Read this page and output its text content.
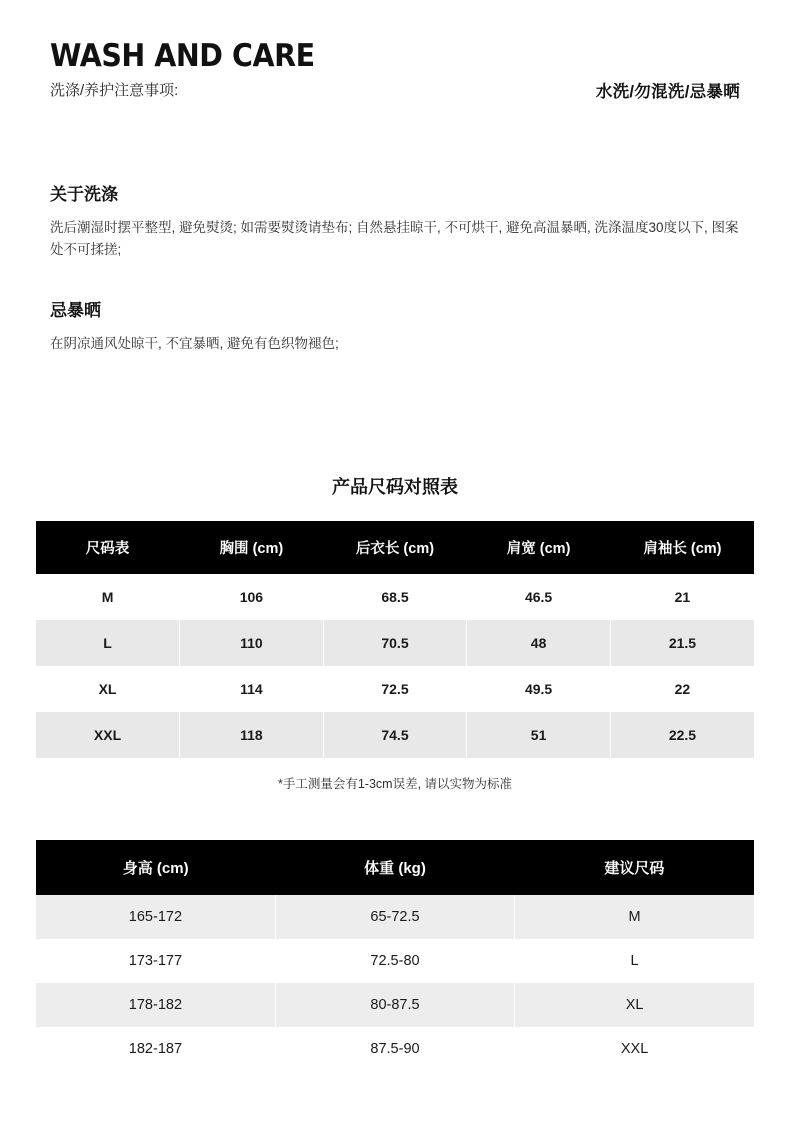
WASH AND CARE
洗涤/养护注意事项:	水洗/勿混洗/忌暴晒
关于洗涤
洗后潮湿时摆平整型, 避免熨烫; 如需要熨烫请垫布; 自然悬挂晾干, 不可烘干, 避免高温暴晒, 洗涤温度30度以下, 图案处不可揉搓;
忌暴晒
在阴凉通风处晾干, 不宜暴晒, 避免有色织物褪色;
产品尺码对照表
尺码表	胸围 (cm)	后衣长 (cm)	肩宽 (cm)	肩袖长 (cm)
M	106	68.5	46.5	21
L	110	70.5	48	21.5
XL	114	72.5	49.5	22
XXL	118	74.5	51	22.5
*手工测量会有1-3cm误差, 请以实物为标准
身高 (cm)	体重 (kg)	建议尺码
165-172	65-72.5	M
173-177	72.5-80	L
178-182	80-87.5	XL
182-187	87.5-90	XXL
